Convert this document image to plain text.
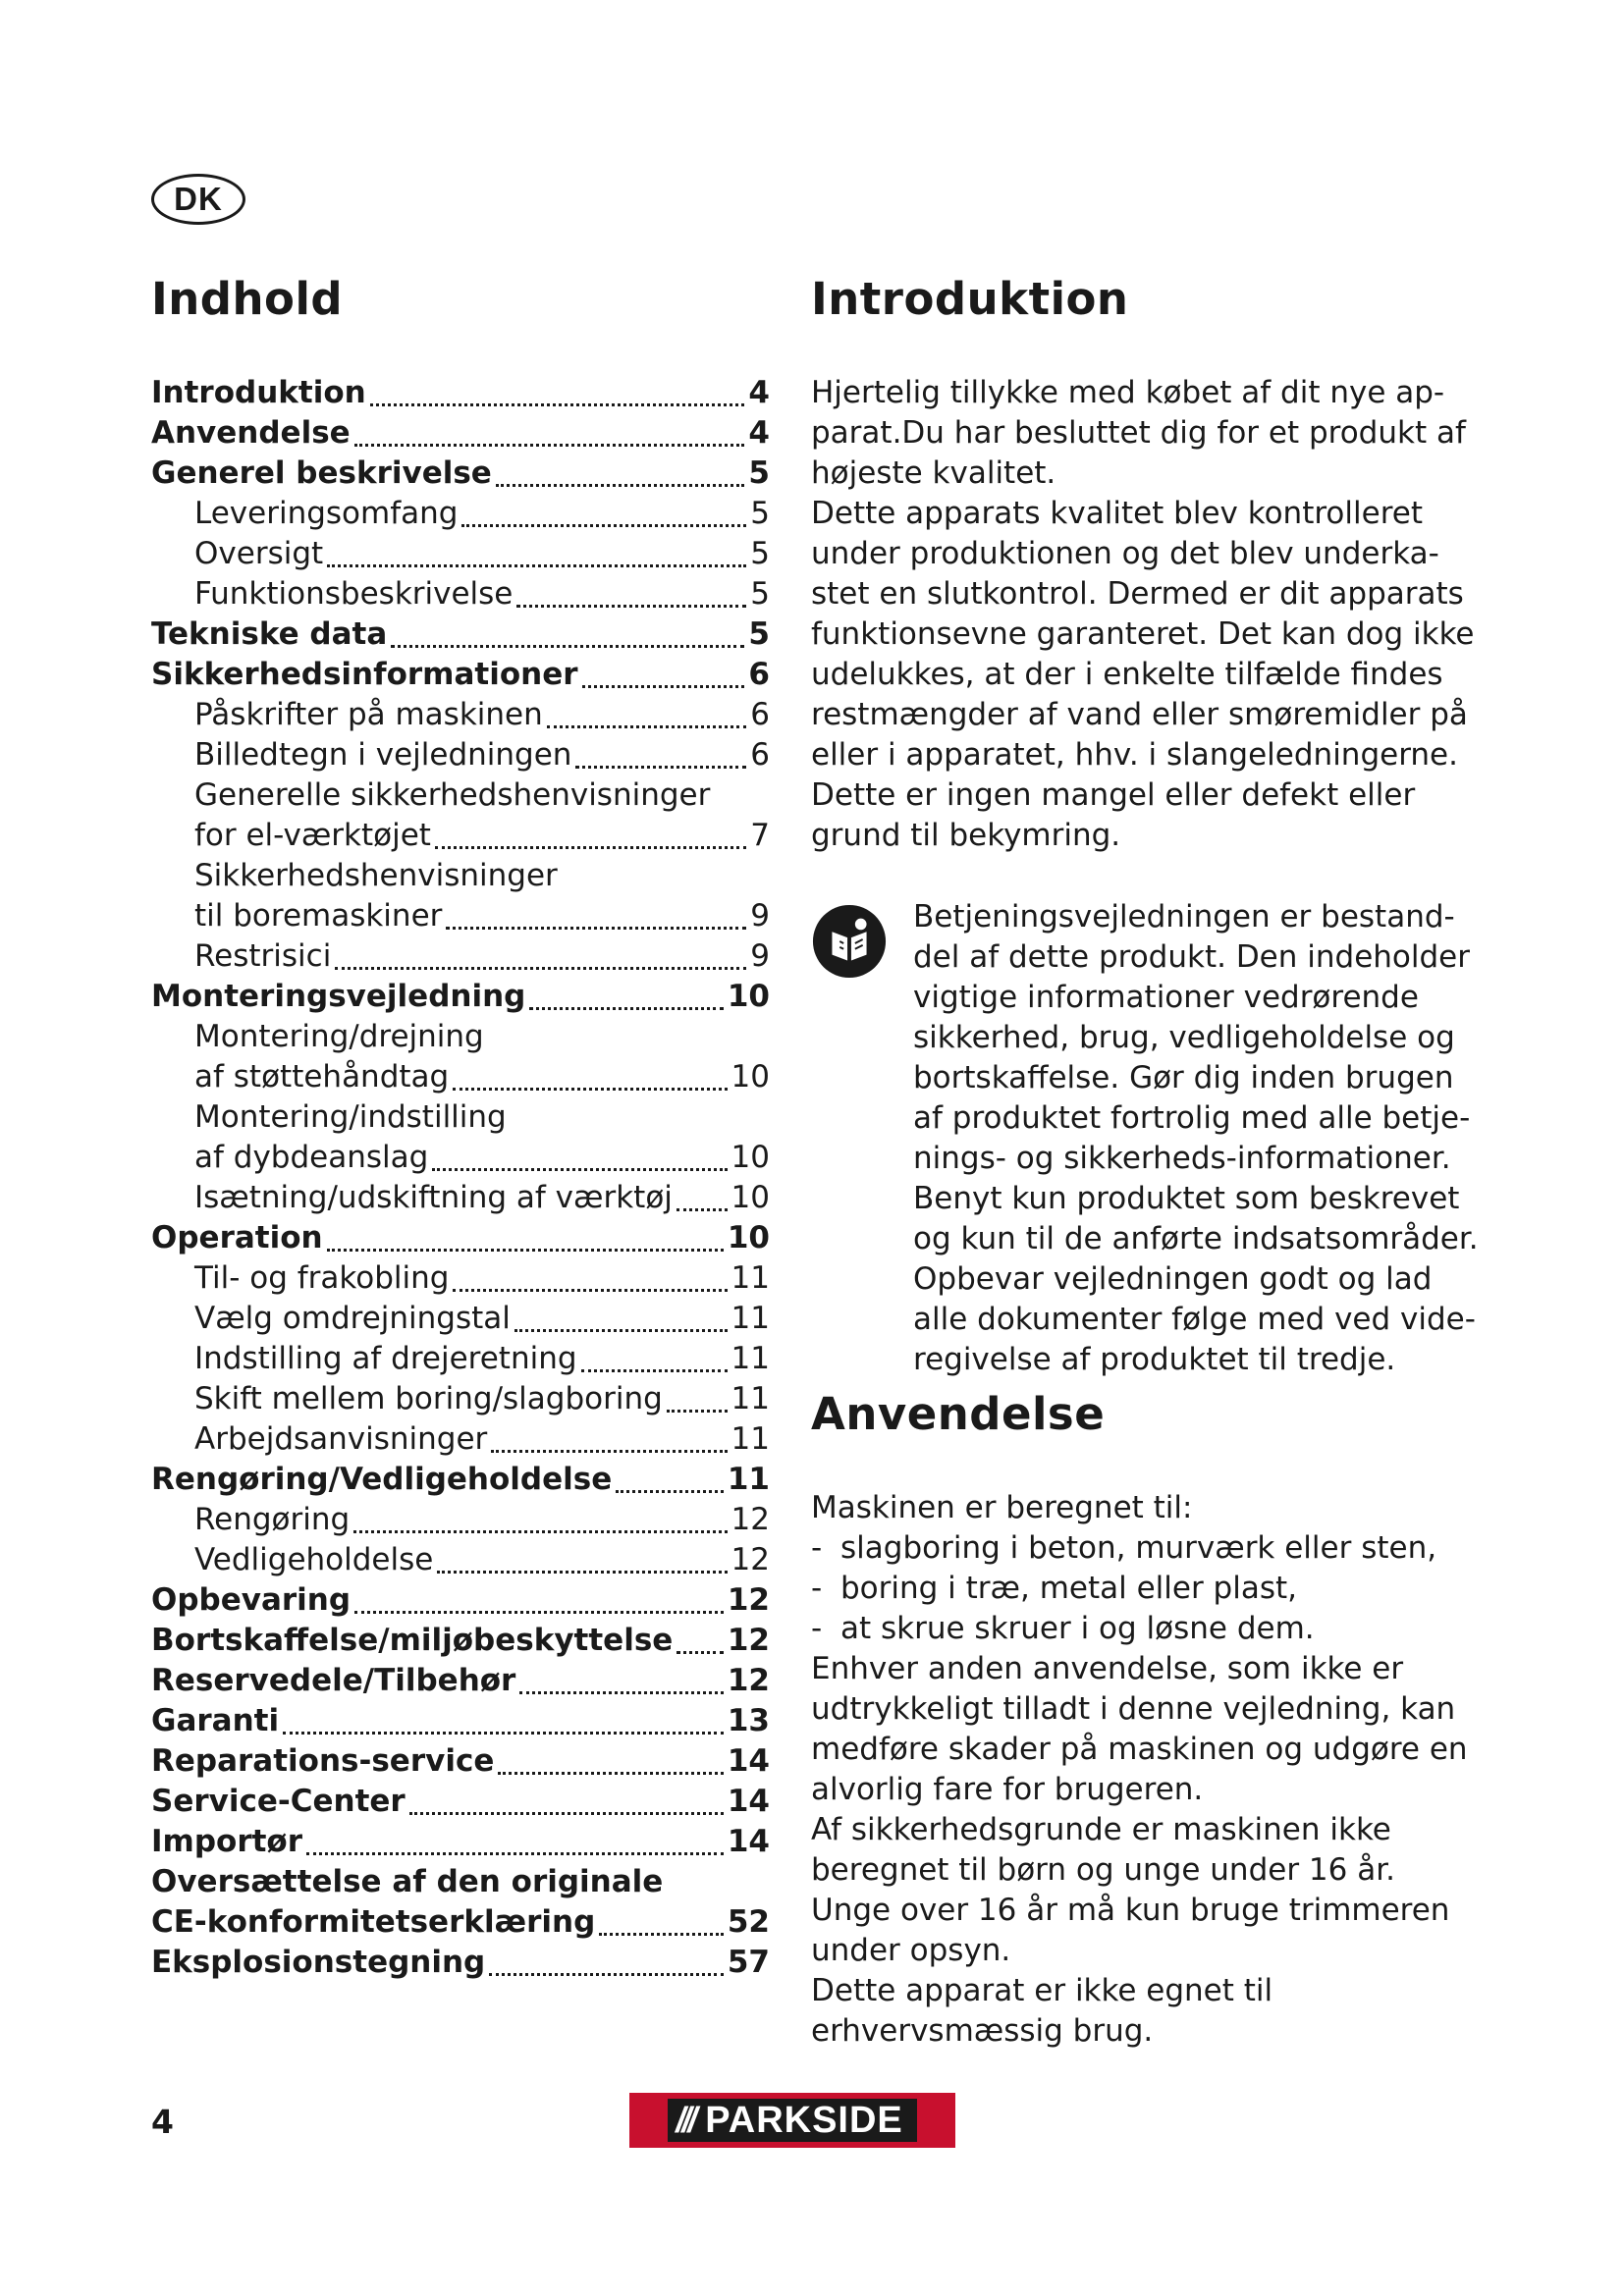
DK
Indhold
Introduktion	4
Anvendelse	4
Generel beskrivelse	5
Leveringsomfang	5
Oversigt	5
Funktionsbeskrivelse	5
Tekniske data	5
Sikkerhedsinformationer	6
Påskrifter på maskinen	6
Billedtegn i vejledningen	6
Generelle sikkerhedshenvisninger
for el-værktøjet	7
Sikkerhedshenvisninger
til boremaskiner	9
Restrisici	9
Monteringsvejledning	10
Montering/drejning
af støttehåndtag	10
Montering/indstilling
af dybdeanslag	10
Isætning/udskiftning af værktøj 10
Operation	10
Til- og frakobling	11
Vælg omdrejningstal	11
Indstilling af drejeretning	11
Skift mellem boring/slagboring 11
Arbejdsanvisninger	11
Rengøring/Vedligeholdelse	11
Rengøring	12
Vedligeholdelse	12
Opbevaring	12
Bortskaffelse/miljøbeskyttelse 12
Reservedele/Tilbehør	12
Garanti	13
Reparations-service	14
Service-Center	14
Importør	14
Oversættelse af den originale
CE-konformitetserklæring	52
Eksplosionstegning	57
Introduktion

Hjertelig tillykke med købet af dit nye ap-

parat.Du har besluttet dig for et produkt af

højeste kvalitet.

Dette apparats kvalitet blev kontrolleret

under produktionen og det blev underka-

stet en slutkontrol. Dermed er dit apparats

funktionsevne garanteret. Det kan dog ikke

udelukkes, at der i enkelte tilfælde findes

restmængder af vand eller smøremidler på

eller i apparatet, hhv. i slangeledningerne.

Dette er ingen mangel eller defekt eller

grund til bekymring.

Betjeningsvejledningen er bestand-

del af dette produkt. Den indeholder

vigtige informationer vedrørende

sikkerhed, brug, vedligeholdelse og

bortskaffelse. Gør dig inden brugen

af produktet fortrolig med alle betje-

nings- og sikkerheds-informationer.

Benyt kun produktet som beskrevet

og kun til de anførte indsatsområder.

Opbevar vejledningen godt og lad

alle dokumenter følge med ved vide-

regivelse af produktet til tredje.

Anvendelse

Maskinen er beregnet til:

- slagboring i beton, murværk eller sten,
- boring i træ, metal eller plast,
- at skrue skruer i og løsne dem.

Enhver anden anvendelse, som ikke er

udtrykkeligt tilladt i denne vejledning, kan

medføre skader på maskinen og udgøre en

alvorlig fare for brugeren.

Af sikkerhedsgrunde er maskinen ikke

beregnet til børn og unge under 16 år.

Unge over 16 år må kun bruge trimmeren

under opsyn.

Dette apparat er ikke egnet til

erhvervsmæssig brug.

4	/// PARKSIDE
